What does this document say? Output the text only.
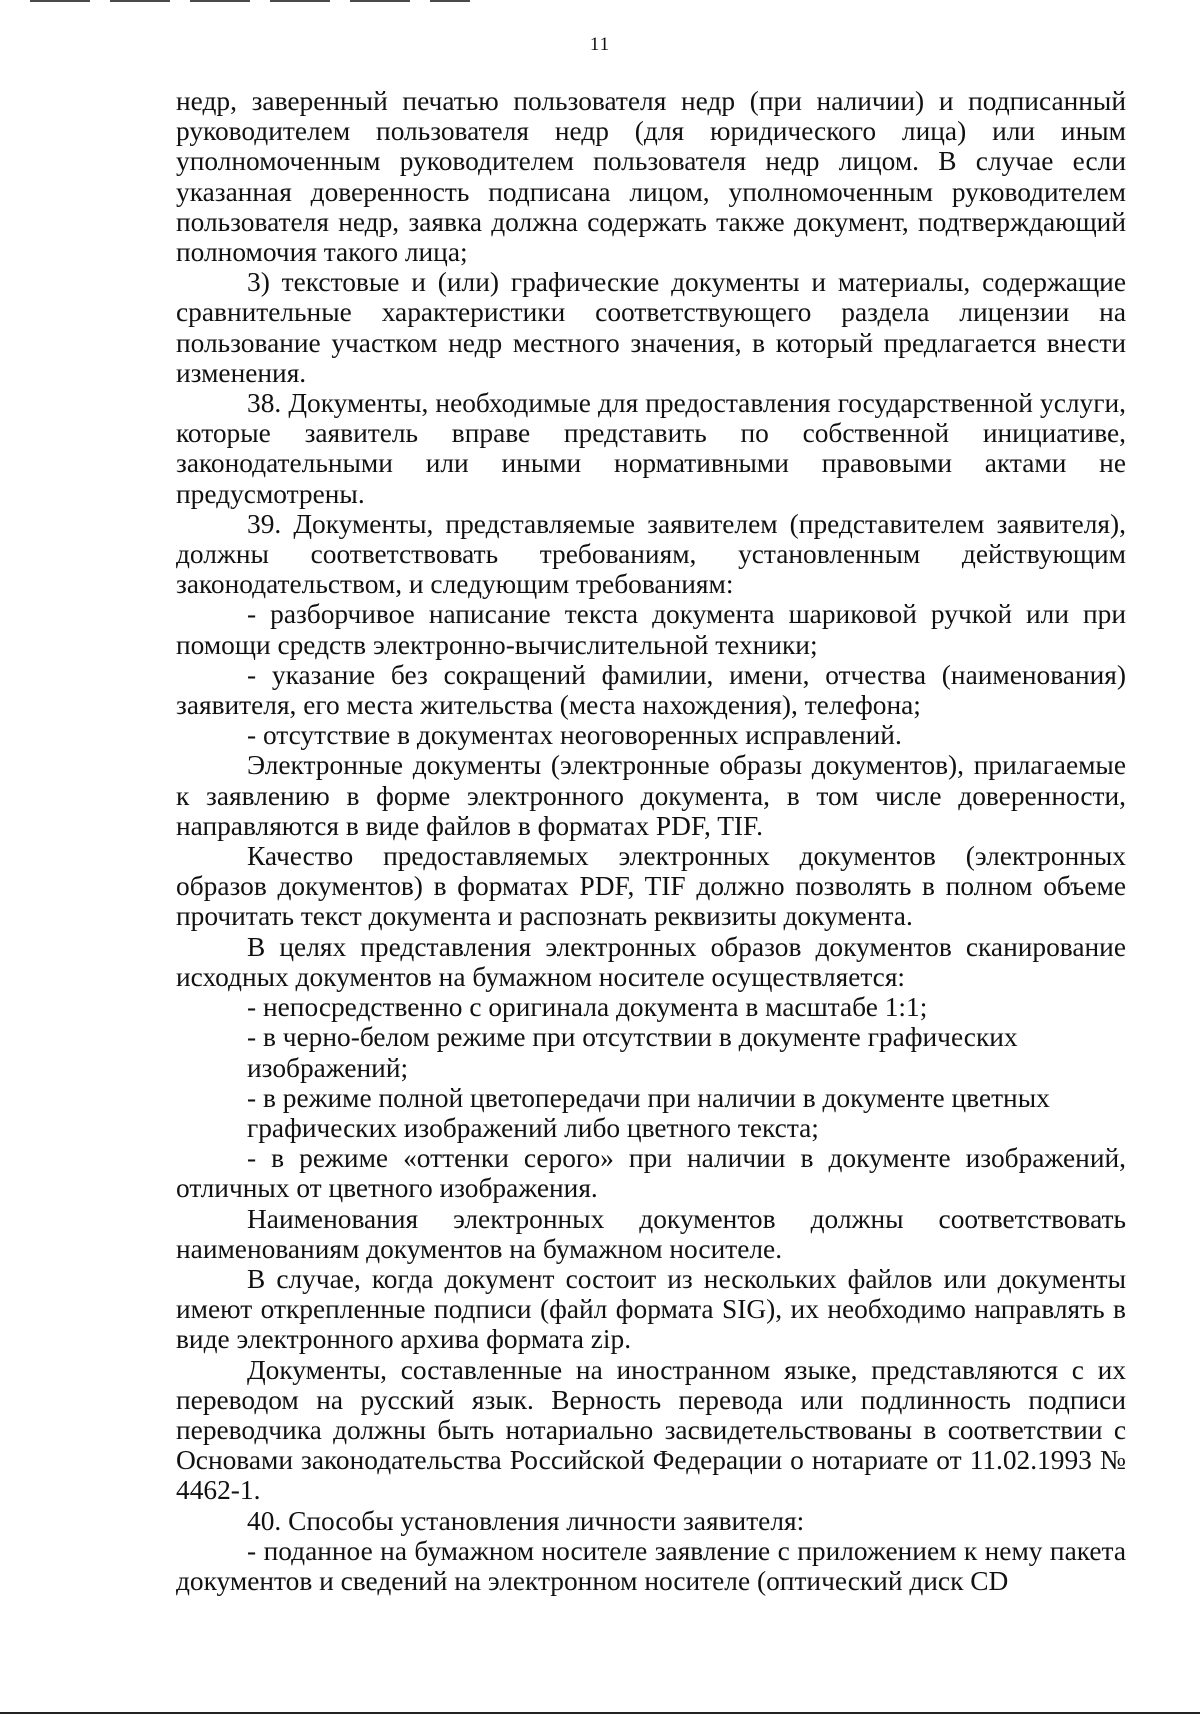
11

недр, заверенный печатью пользователя недр (при наличии) и подписанный руководителем пользователя недр (для юридического лица) или иным уполномоченным руководителем пользователя недр лицом. В случае если указанная доверенность подписана лицом, уполномоченным руководителем пользователя недр, заявка должна содержать также документ, подтверждающий полномочия такого лица;

3) текстовые и (или) графические документы и материалы, содержащие сравнительные характеристики соответствующего раздела лицензии на пользование участком недр местного значения, в который предлагается внести изменения.

38. Документы, необходимые для предоставления государственной услуги, которые заявитель вправе представить по собственной инициативе, законодательными или иными нормативными правовыми актами не предусмотрены.

39. Документы, представляемые заявителем (представителем заявителя), должны соответствовать требованиям, установленным действующим законодательством, и следующим требованиям:

- разборчивое написание текста документа шариковой ручкой или при помощи средств электронно-вычислительной техники;

- указание без сокращений фамилии, имени, отчества (наименования) заявителя, его места жительства (места нахождения), телефона;

- отсутствие в документах неоговоренных исправлений.

Электронные документы (электронные образы документов), прилагаемые к заявлению в форме электронного документа, в том числе доверенности, направляются в виде файлов в форматах PDF, TIF.

Качество предоставляемых электронных документов (электронных образов документов) в форматах PDF, TIF должно позволять в полном объеме прочитать текст документа и распознать реквизиты документа.

В целях представления электронных образов документов сканирование исходных документов на бумажном носителе осуществляется:

- непосредственно с оригинала документа в масштабе 1:1;

- в черно-белом режиме при отсутствии в документе графических изображений;

- в режиме полной цветопередачи при наличии в документе цветных графических изображений либо цветного текста;

- в режиме «оттенки серого» при наличии в документе изображений, отличных от цветного изображения.

Наименования электронных документов должны соответствовать наименованиям документов на бумажном носителе.

В случае, когда документ состоит из нескольких файлов или документы имеют открепленные подписи (файл формата SIG), их необходимо направлять в виде электронного архива формата zip.

Документы, составленные на иностранном языке, представляются с их переводом на русский язык. Верность перевода или подлинность подписи переводчика должны быть нотариально засвидетельствованы в соответствии с Основами законодательства Российской Федерации о нотариате от 11.02.1993 № 4462-1.

40. Способы установления личности заявителя:

- поданное на бумажном носителе заявление с приложением к нему пакета документов и сведений на электронном носителе (оптический диск CD
